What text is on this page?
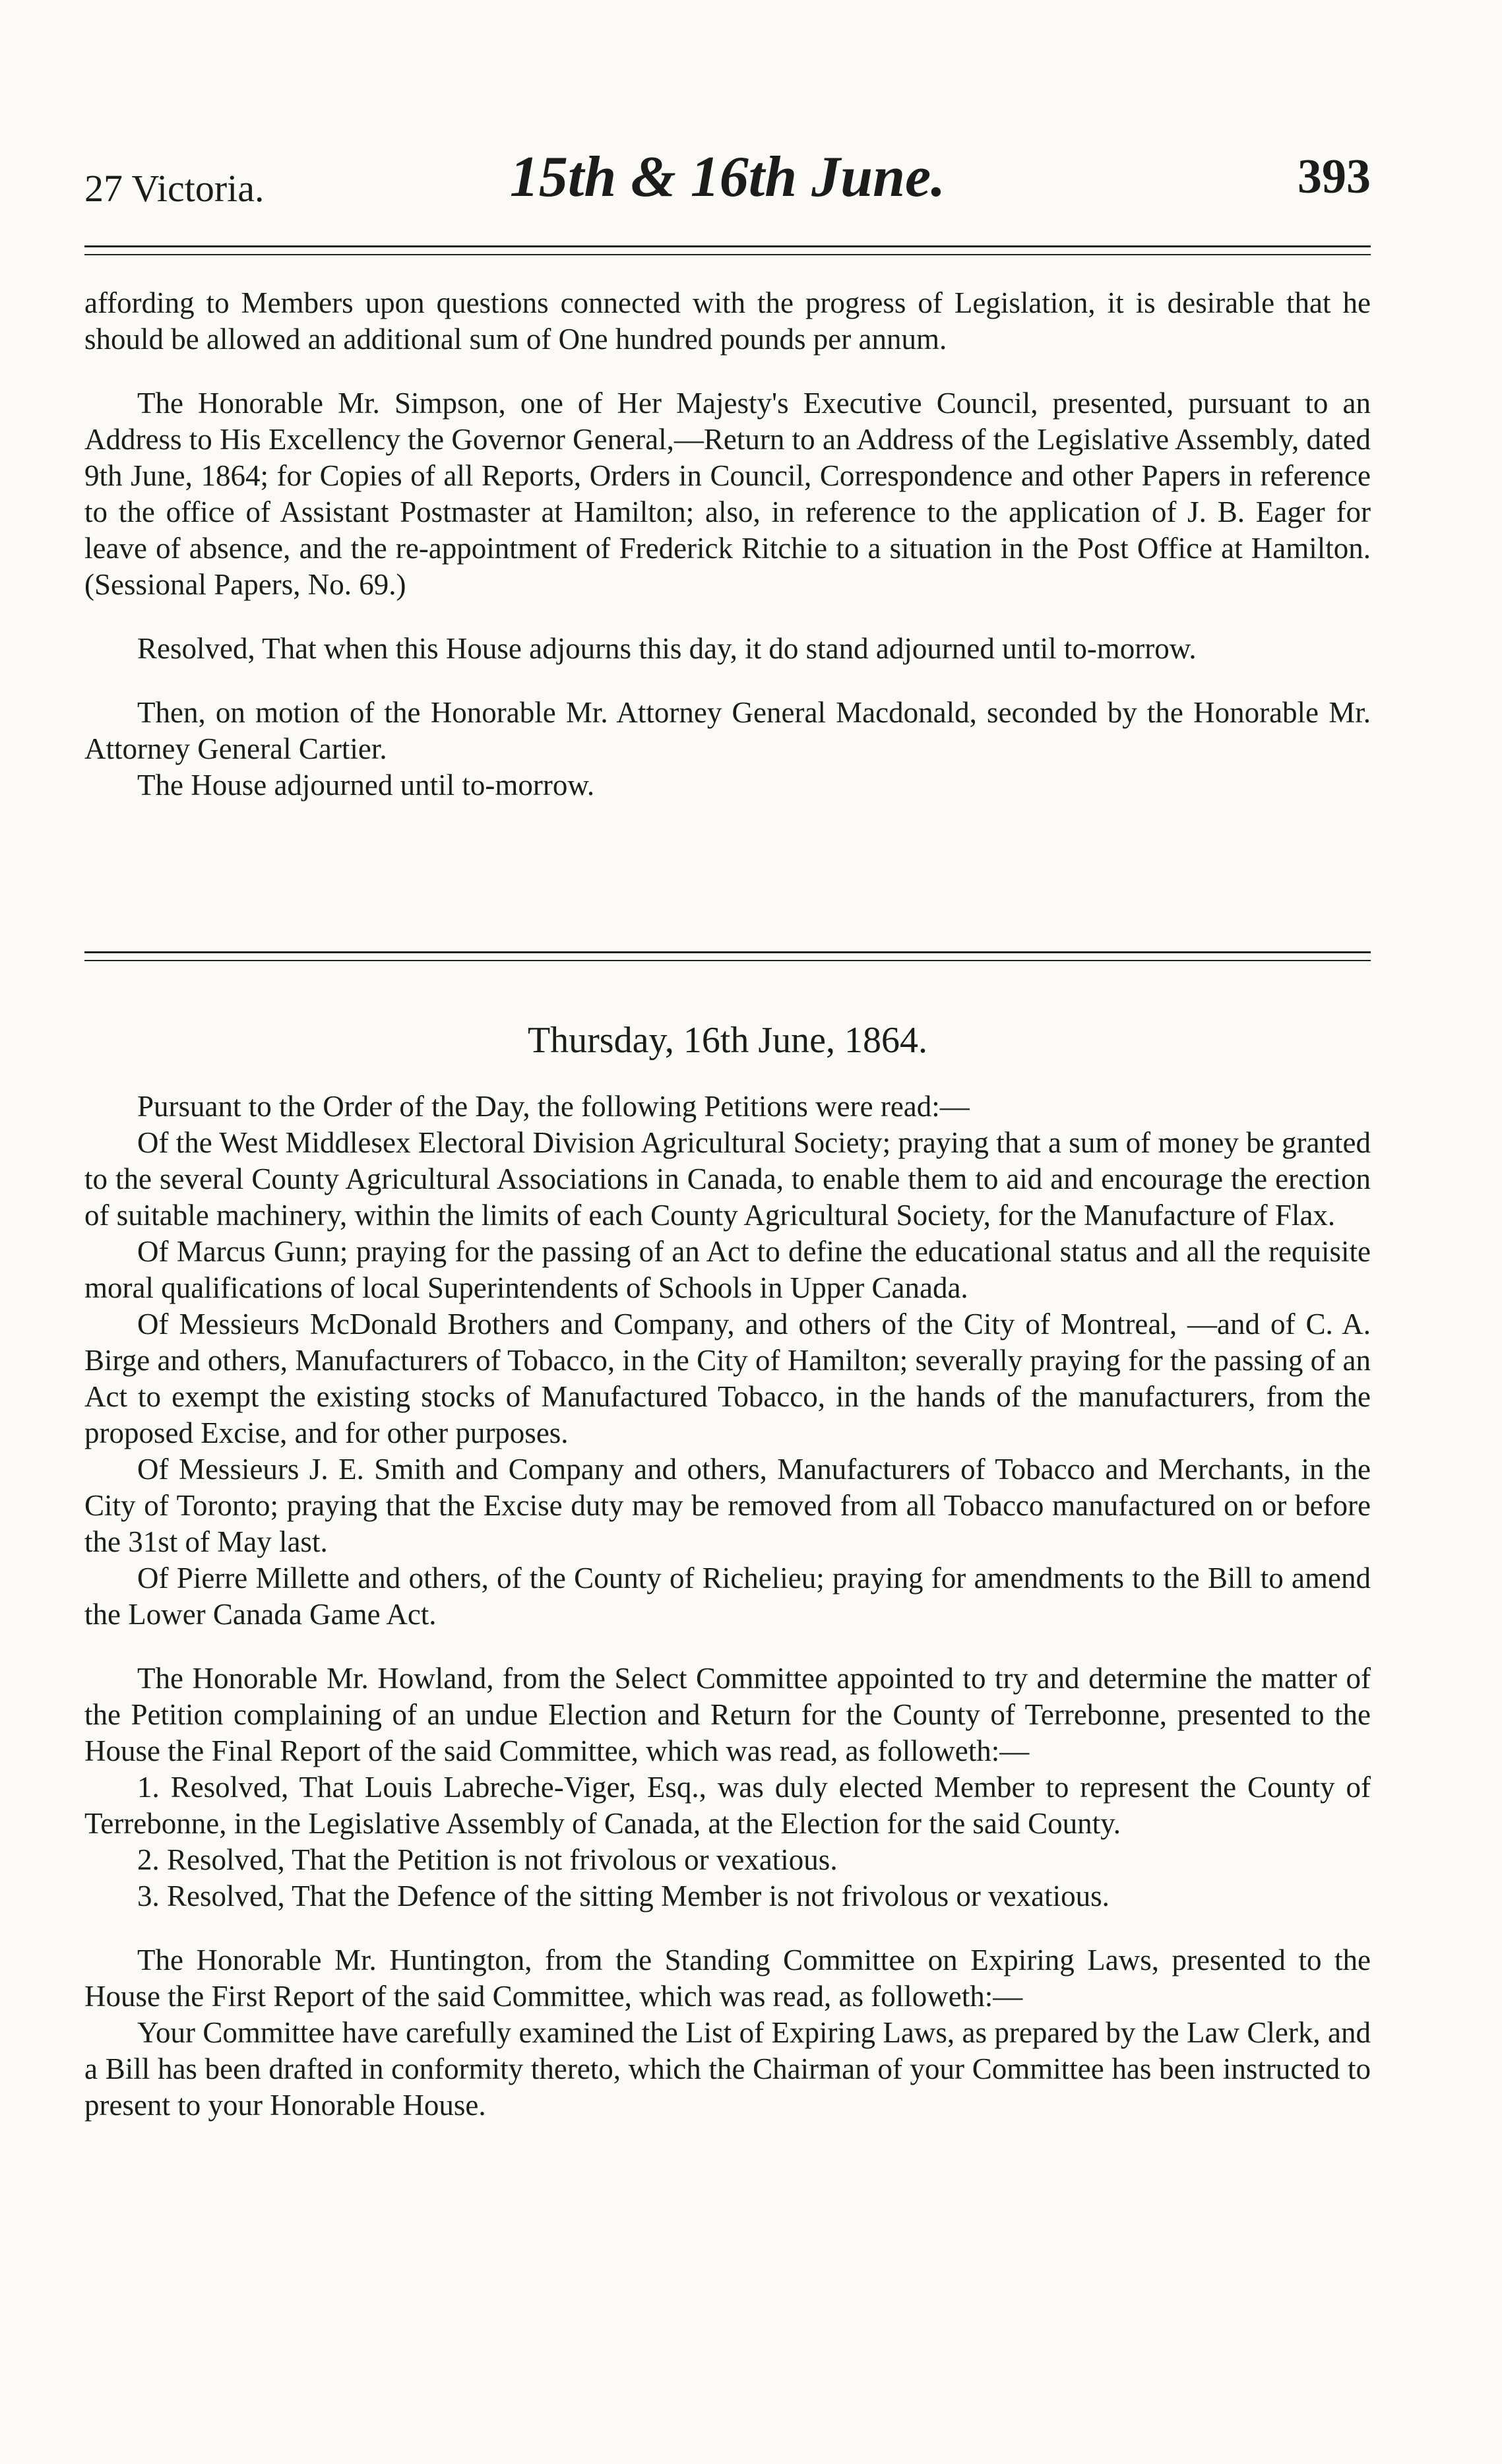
27 Victoria.	15th & 16th June.	393

affording to Members upon questions connected with the progress of Legislation, it is desirable that he should be allowed an additional sum of One hundred pounds per annum.

The Honorable Mr. Simpson, one of Her Majesty's Executive Council, presented, pursuant to an Address to His Excellency the Governor General,—Return to an Address of the Legislative Assembly, dated 9th June, 1864; for Copies of all Reports, Orders in Council, Correspondence and other Papers in reference to the office of Assistant Postmaster at Hamilton; also, in reference to the application of J. B. Eager for leave of absence, and the re-appointment of Frederick Ritchie to a situation in the Post Office at Hamilton. (Sessional Papers, No. 69.)

Resolved, That when this House adjourns this day, it do stand adjourned until to-morrow.

Then, on motion of the Honorable Mr. Attorney General Macdonald, seconded by the Honorable Mr. Attorney General Cartier.

The House adjourned until to-morrow.

Thursday, 16th June, 1864.

Pursuant to the Order of the Day, the following Petitions were read:—

Of the West Middlesex Electoral Division Agricultural Society; praying that a sum of money be granted to the several County Agricultural Associations in Canada, to enable them to aid and encourage the erection of suitable machinery, within the limits of each County Agricultural Society, for the Manufacture of Flax.

Of Marcus Gunn; praying for the passing of an Act to define the educational status and all the requisite moral qualifications of local Superintendents of Schools in Upper Canada.

Of Messieurs McDonald Brothers and Company, and others of the City of Montreal, —and of C. A. Birge and others, Manufacturers of Tobacco, in the City of Hamilton; severally praying for the passing of an Act to exempt the existing stocks of Manufactured Tobacco, in the hands of the manufacturers, from the proposed Excise, and for other purposes.

Of Messieurs J. E. Smith and Company and others, Manufacturers of Tobacco and Merchants, in the City of Toronto; praying that the Excise duty may be removed from all Tobacco manufactured on or before the 31st of May last.

Of Pierre Millette and others, of the County of Richelieu; praying for amendments to the Bill to amend the Lower Canada Game Act.

The Honorable Mr. Howland, from the Select Committee appointed to try and determine the matter of the Petition complaining of an undue Election and Return for the County of Terrebonne, presented to the House the Final Report of the said Committee, which was read, as followeth:—

1. Resolved, That Louis Labreche-Viger, Esq., was duly elected Member to represent the County of Terrebonne, in the Legislative Assembly of Canada, at the Election for the said County.

2. Resolved, That the Petition is not frivolous or vexatious.

3. Resolved, That the Defence of the sitting Member is not frivolous or vexatious.

The Honorable Mr. Huntington, from the Standing Committee on Expiring Laws, presented to the House the First Report of the said Committee, which was read, as followeth:—

Your Committee have carefully examined the List of Expiring Laws, as prepared by the Law Clerk, and a Bill has been drafted in conformity thereto, which the Chairman of your Committee has been instructed to present to your Honorable House.
